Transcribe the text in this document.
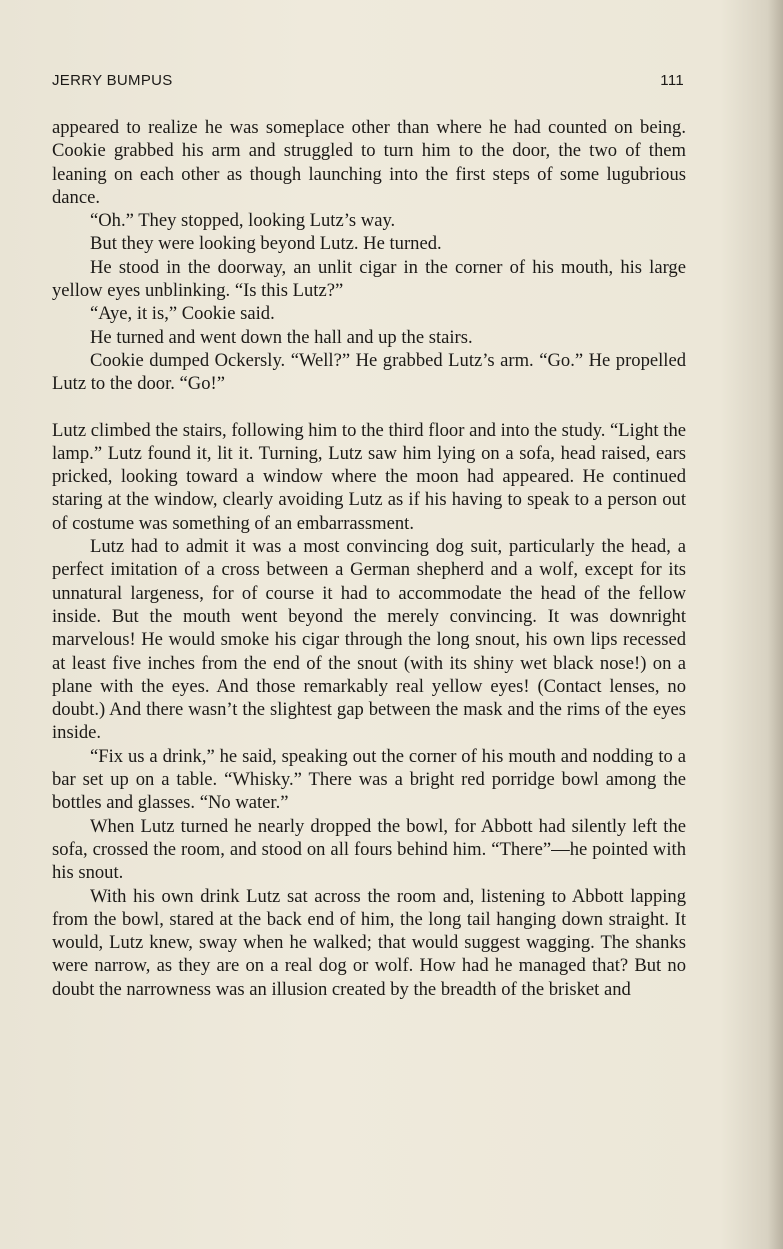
JERRY BUMPUS	111

appeared to realize he was someplace other than where he had counted on being. Cookie grabbed his arm and struggled to turn him to the door, the two of them leaning on each other as though launching into the first steps of some lugubrious dance.

“Oh.” They stopped, looking Lutz’s way.

But they were looking beyond Lutz. He turned.

He stood in the doorway, an unlit cigar in the corner of his mouth, his large yellow eyes unblinking. “Is this Lutz?”

“Aye, it is,” Cookie said.

He turned and went down the hall and up the stairs.

Cookie dumped Ockersly. “Well?” He grabbed Lutz’s arm. “Go.” He propelled Lutz to the door. “Go!”

Lutz climbed the stairs, following him to the third floor and into the study. “Light the lamp.” Lutz found it, lit it. Turning, Lutz saw him lying on a sofa, head raised, ears pricked, looking toward a window where the moon had appeared. He continued staring at the window, clearly avoiding Lutz as if his having to speak to a person out of costume was something of an embarrassment.

Lutz had to admit it was a most convincing dog suit, particularly the head, a perfect imitation of a cross between a German shepherd and a wolf, except for its unnatural largeness, for of course it had to accommodate the head of the fellow inside. But the mouth went beyond the merely convincing. It was downright marvelous! He would smoke his cigar through the long snout, his own lips recessed at least five inches from the end of the snout (with its shiny wet black nose!) on a plane with the eyes. And those remarkably real yellow eyes! (Contact lenses, no doubt.) And there wasn’t the slightest gap between the mask and the rims of the eyes inside.

“Fix us a drink,” he said, speaking out the corner of his mouth and nodding to a bar set up on a table. “Whisky.” There was a bright red porridge bowl among the bottles and glasses. “No water.”

When Lutz turned he nearly dropped the bowl, for Abbott had silently left the sofa, crossed the room, and stood on all fours behind him. “There”—he pointed with his snout.

With his own drink Lutz sat across the room and, listening to Abbott lapping from the bowl, stared at the back end of him, the long tail hanging down straight. It would, Lutz knew, sway when he walked; that would suggest wagging. The shanks were narrow, as they are on a real dog or wolf. How had he managed that? But no doubt the narrowness was an illusion created by the breadth of the brisket and
